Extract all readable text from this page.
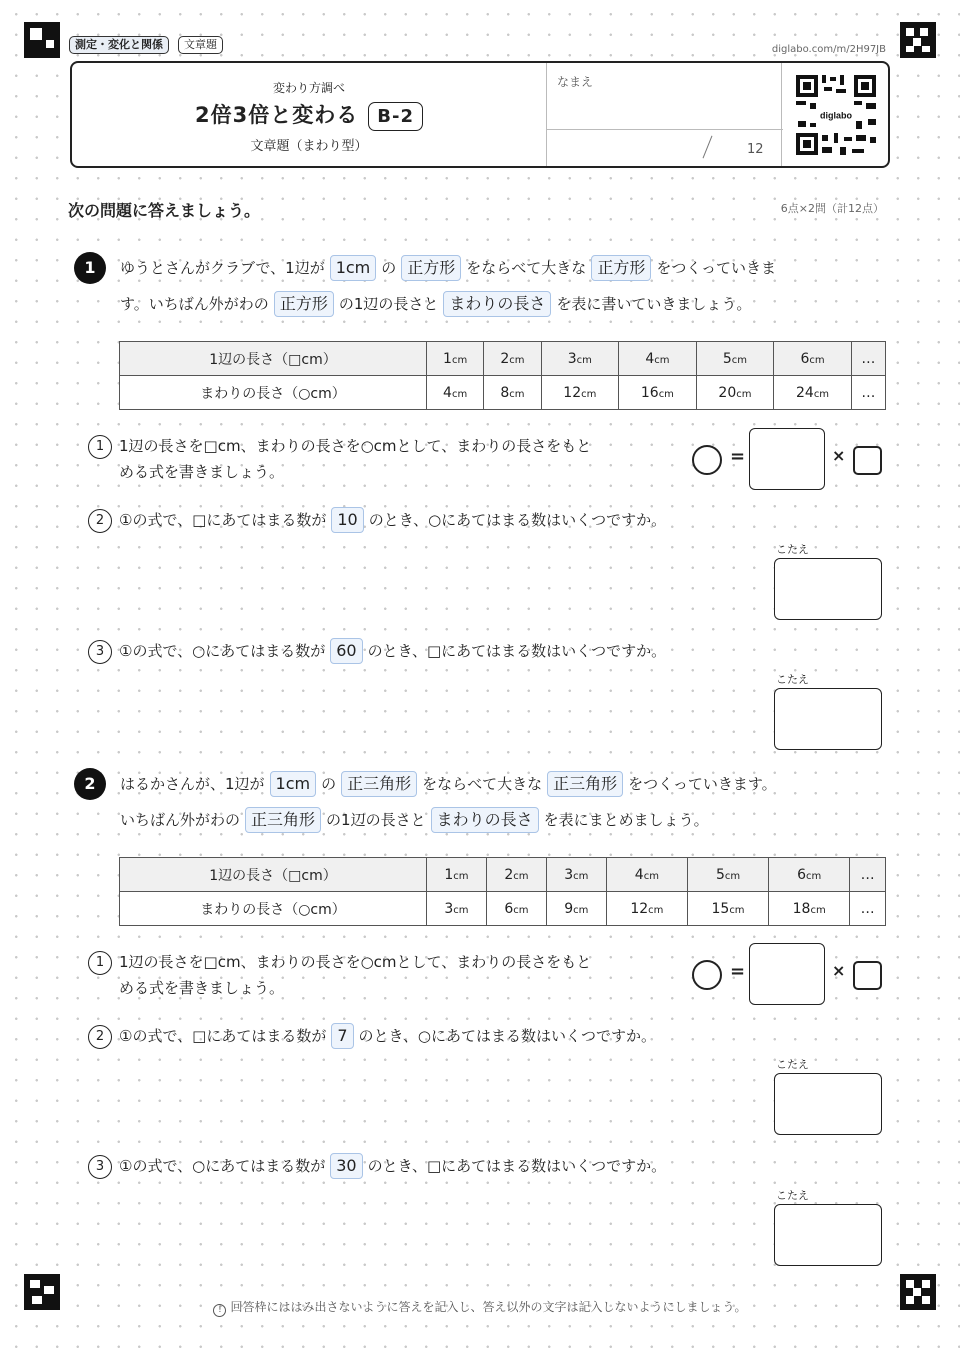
測定・変化と関係	文章題	diglabo.com/m/2H97JB
変わり方調べ
2倍3倍と変わる B-2
文章題（まわり型）
なまえ
12
diglabo
次の問題に答えましょう。	6点×2問（計12点）
1	ゆうとさんがクラブで、1辺が 1cm の 正方形 をならべて大きな 正方形 をつくっていきま
す。いちばん外がわの 正方形 の1辺の長さと まわりの長さ を表に書いていきましょう。
1辺の長さ（□cm）	1cm	2cm	3cm	4cm	5cm	6cm	…
まわりの長さ（○cm）	4cm	8cm	12cm	16cm	20cm	24cm	…
1 1辺の長さを□cm、まわりの長さを○cmとして、まわりの長さをもと
める式を書きましょう。
=	×
2 ①の式で、□にあてはまる数が 10 のとき、○にあてはまる数はいくつですか。
こたえ
3 ①の式で、○にあてはまる数が 60 のとき、□にあてはまる数はいくつですか。
こたえ
2	はるかさんが、1辺が 1cm の 正三角形 をならべて大きな 正三角形 をつくっていきます。
いちばん外がわの 正三角形 の1辺の長さと まわりの長さ を表にまとめましょう。
1辺の長さ（□cm）	1cm	2cm	3cm	4cm	5cm	6cm	…
まわりの長さ（○cm）	3cm	6cm	9cm	12cm	15cm	18cm	…
1 1辺の長さを□cm、まわりの長さを○cmとして、まわりの長さをもと
める式を書きましょう。
=	×
2 ①の式で、□にあてはまる数が 7 のとき、○にあてはまる数はいくつですか。
こたえ
3 ①の式で、○にあてはまる数が 30 のとき、□にあてはまる数はいくつですか。
こたえ
! 回答枠にははみ出さないように答えを記入し、答え以外の文字は記入しないようにしましょう。
